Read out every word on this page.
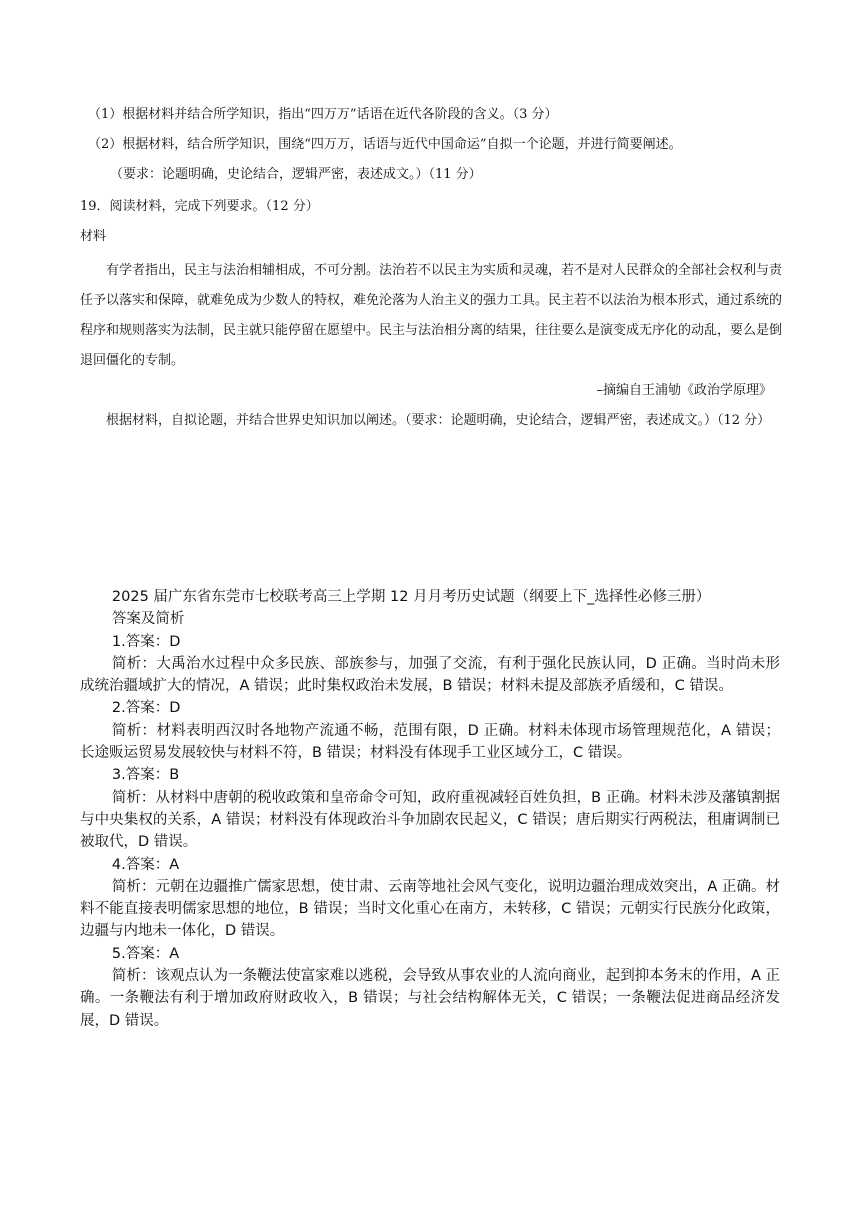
（1）根据材料并结合所学知识，指出“四万万”话语在近代各阶段的含义。（3 分）

（2）根据材料，结合所学知识，围绕“四万万，话语与近代中国命运”自拟一个论题，并进行简要阐述。

（要求：论题明确，史论结合，逻辑严密，表述成文。）（11 分）

19．阅读材料，完成下列要求。（12 分）

材料

有学者指出，民主与法治相辅相成，不可分割。法治若不以民主为实质和灵魂，若不是对人民群众的全部社会权利与责任予以落实和保障，就难免成为少数人的特权，难免沦落为人治主义的强力工具。民主若不以法治为根本形式，通过系统的程序和规则落实为法制，民主就只能停留在愿望中。民主与法治相分离的结果，往往要么是演变成无序化的动乱，要么是倒退回僵化的专制。

–摘编自王浦劬《政治学原理》

根据材料，自拟论题，并结合世界史知识加以阐述。（要求：论题明确，史论结合，逻辑严密，表述成文。）（12 分）

2025 届广东省东莞市七校联考高三上学期 12 月月考历史试题（纲要上下_选择性必修三册）

答案及简析

1.答案：D

简析：大禹治水过程中众多民族、部族参与，加强了交流，有利于强化民族认同，D 正确。当时尚未形成统治疆域扩大的情况，A 错误；此时集权政治未发展，B 错误；材料未提及部族矛盾缓和，C 错误。

2.答案：D

简析：材料表明西汉时各地物产流通不畅，范围有限，D 正确。材料未体现市场管理规范化，A 错误；长途贩运贸易发展较快与材料不符，B 错误；材料没有体现手工业区域分工，C 错误。

3.答案：B

简析：从材料中唐朝的税收政策和皇帝命令可知，政府重视减轻百姓负担，B 正确。材料未涉及藩镇割据与中央集权的关系，A 错误；材料没有体现政治斗争加剧农民起义，C 错误；唐后期实行两税法，租庸调制已被取代，D 错误。

4.答案：A

简析：元朝在边疆推广儒家思想，使甘肃、云南等地社会风气变化，说明边疆治理成效突出，A 正确。材料不能直接表明儒家思想的地位，B 错误；当时文化重心在南方，未转移，C 错误；元朝实行民族分化政策，边疆与内地未一体化，D 错误。

5.答案：A

简析：该观点认为一条鞭法使富家难以逃税，会导致从事农业的人流向商业，起到抑本务末的作用，A 正确。一条鞭法有利于增加政府财政收入，B 错误；与社会结构解体无关，C 错误；一条鞭法促进商品经济发展，D 错误。
